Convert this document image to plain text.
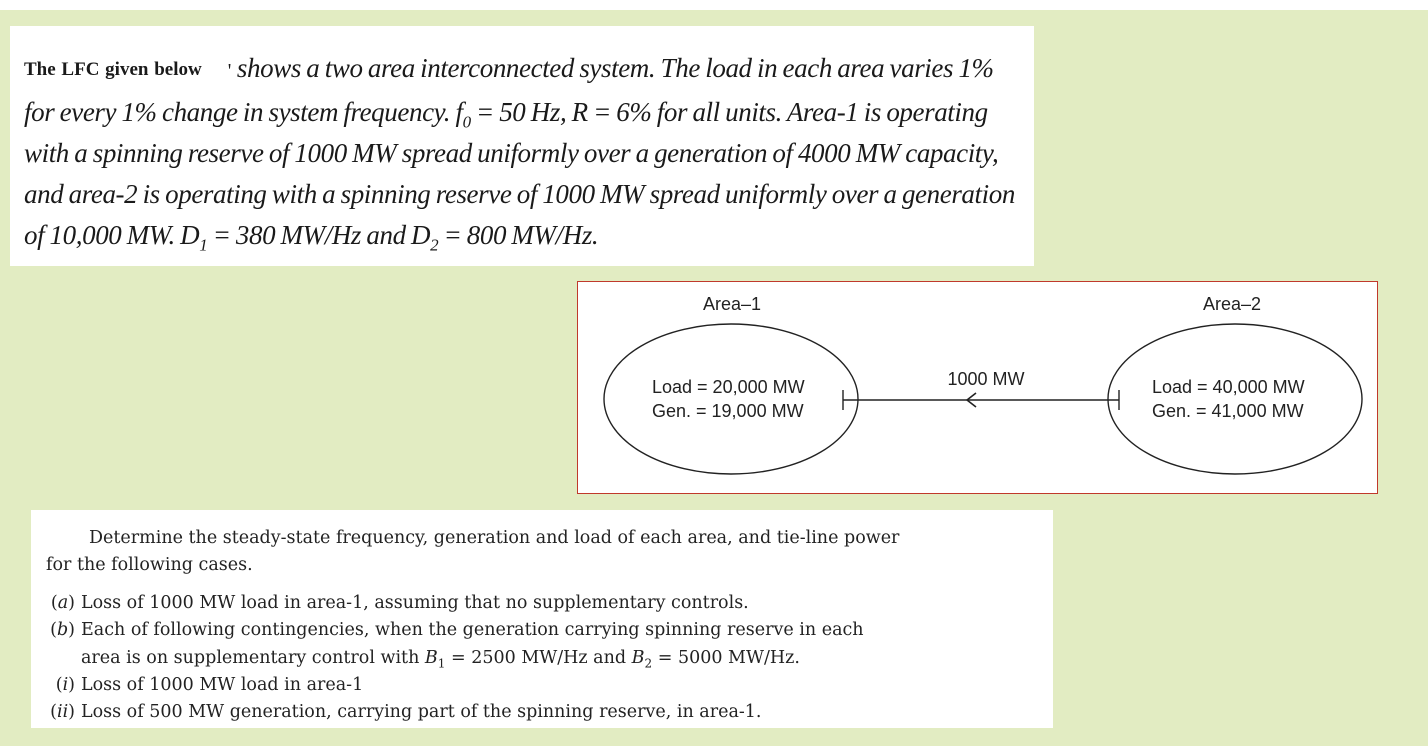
The LFC given below ' shows a two area interconnected system. The load in each area varies 1% for every 1% change in system frequency. $f_0 = 50$ Hz, R = 6% for all units. Area-1 is operating with a spinning reserve of 1000 MW spread uniformly over a generation of 4000 MW capacity, and area-2 is operating with a spinning reserve of 1000 MW spread uniformly over a generation of 10,000 MW. $D_1 = 380$ MW/Hz and $D_2 = 800$ MW/Hz.

Area–1	Area–2
Load = 20,000 MW
Gen. = 19,000 MW
Load = 40,000 MW
Gen. = 41,000 MW
1000 MW
Determine the steady-state frequency, generation and load of each area, and tie-line power
for the following cases.
(a) Loss of 1000 MW load in area-1, assuming that no supplementary controls.
(b) Each of following contingencies, when the generation carrying spinning reserve in each
area is on supplementary control with $B_1 = 2500$ MW/Hz and $B_2 = 5000$ MW/Hz.
(i) Loss of 1000 MW load in area-1
(ii) Loss of 500 MW generation, carrying part of the spinning reserve, in area-1.
